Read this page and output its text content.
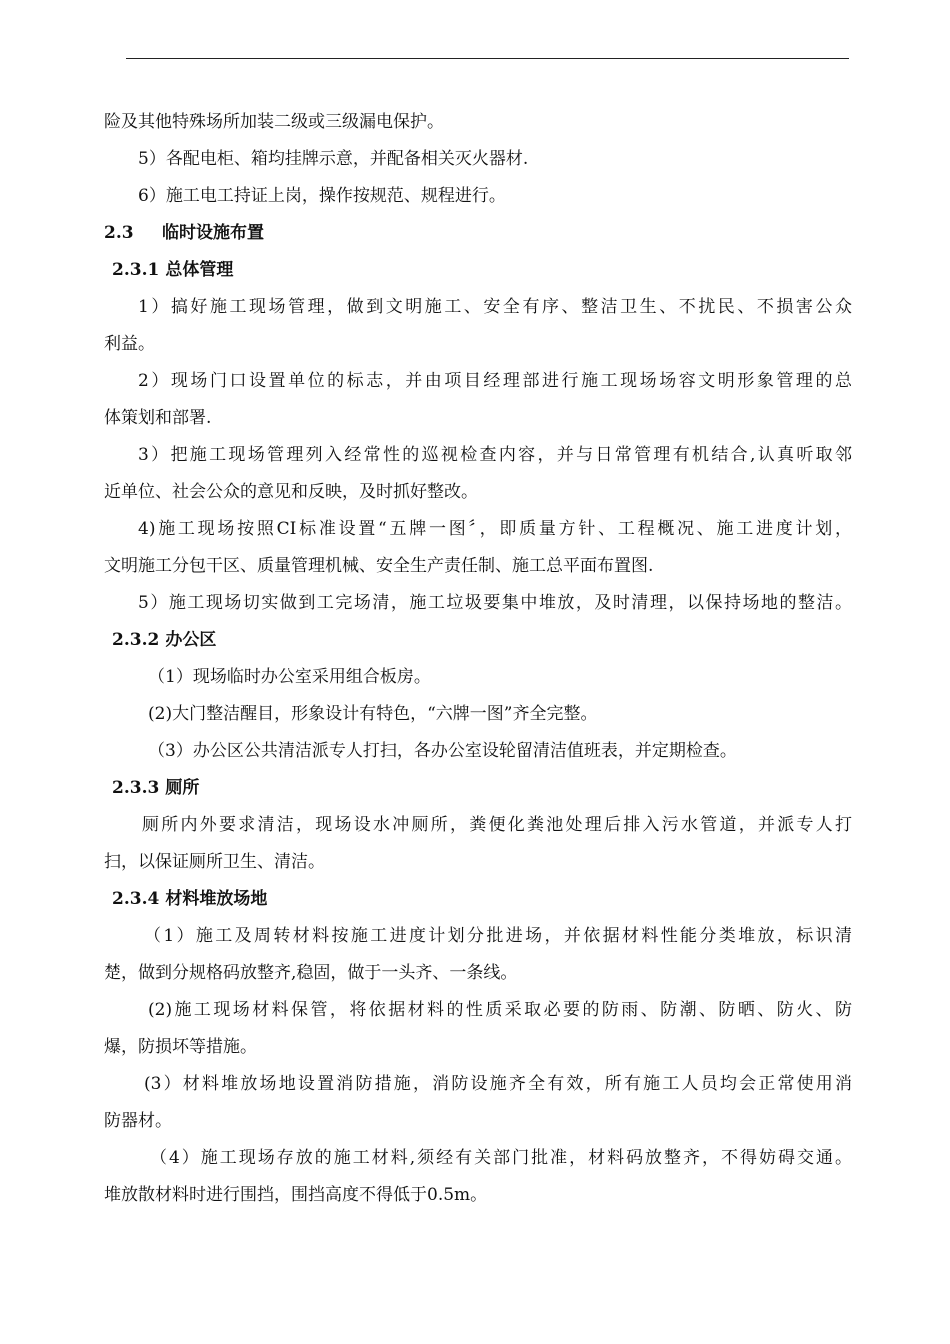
险及其他特殊场所加装二级或三级漏电保护。
5）各配电柜、箱均挂牌示意，并配备相关灭火器材.
6）施工电工持证上岗，操作按规范、规程进行。
2.3 临时设施布置
2.3.1 总体管理
1）搞好施工现场管理，做到文明施工、安全有序、整洁卫生、不扰民、不损害公众
利益。
2）现场门口设置单位的标志，并由项目经理部进行施工现场场容文明形象管理的总
体策划和部署.
3）把施工现场管理列入经常性的巡视检查内容，并与日常管理有机结合,认真听取邻
近单位、社会公众的意见和反映，及时抓好整改。
4)施工现场按照CI标准设置“五牌一图〞，即质量方针、工程概况、施工进度计划，
文明施工分包干区、质量管理机械、安全生产责任制、施工总平面布置图.
5）施工现场切实做到工完场清，施工垃圾要集中堆放，及时清理，以保持场地的整洁。
2.3.2 办公区
（1）现场临时办公室采用组合板房。
(2)大门整洁醒目，形象设计有特色，“六牌一图”齐全完整。
（3）办公区公共清洁派专人打扫，各办公室设轮留清洁值班表，并定期检查。
2.3.3 厕所
厕所内外要求清洁，现场设水冲厕所，粪便化粪池处理后排入污水管道，并派专人打
扫，以保证厕所卫生、清洁。
2.3.4 材料堆放场地
（1）施工及周转材料按施工进度计划分批进场，并依据材料性能分类堆放，标识清
楚，做到分规格码放整齐,稳固，做于一头齐、一条线。
(2)施工现场材料保管，将依据材料的性质采取必要的防雨、防潮、防晒、防火、防
爆，防损坏等措施。
(3）材料堆放场地设置消防措施，消防设施齐全有效，所有施工人员均会正常使用消
防器材。
（4）施工现场存放的施工材料,须经有关部门批准，材料码放整齐，不得妨碍交通。
堆放散材料时进行围挡，围挡高度不得低于0.5m。
